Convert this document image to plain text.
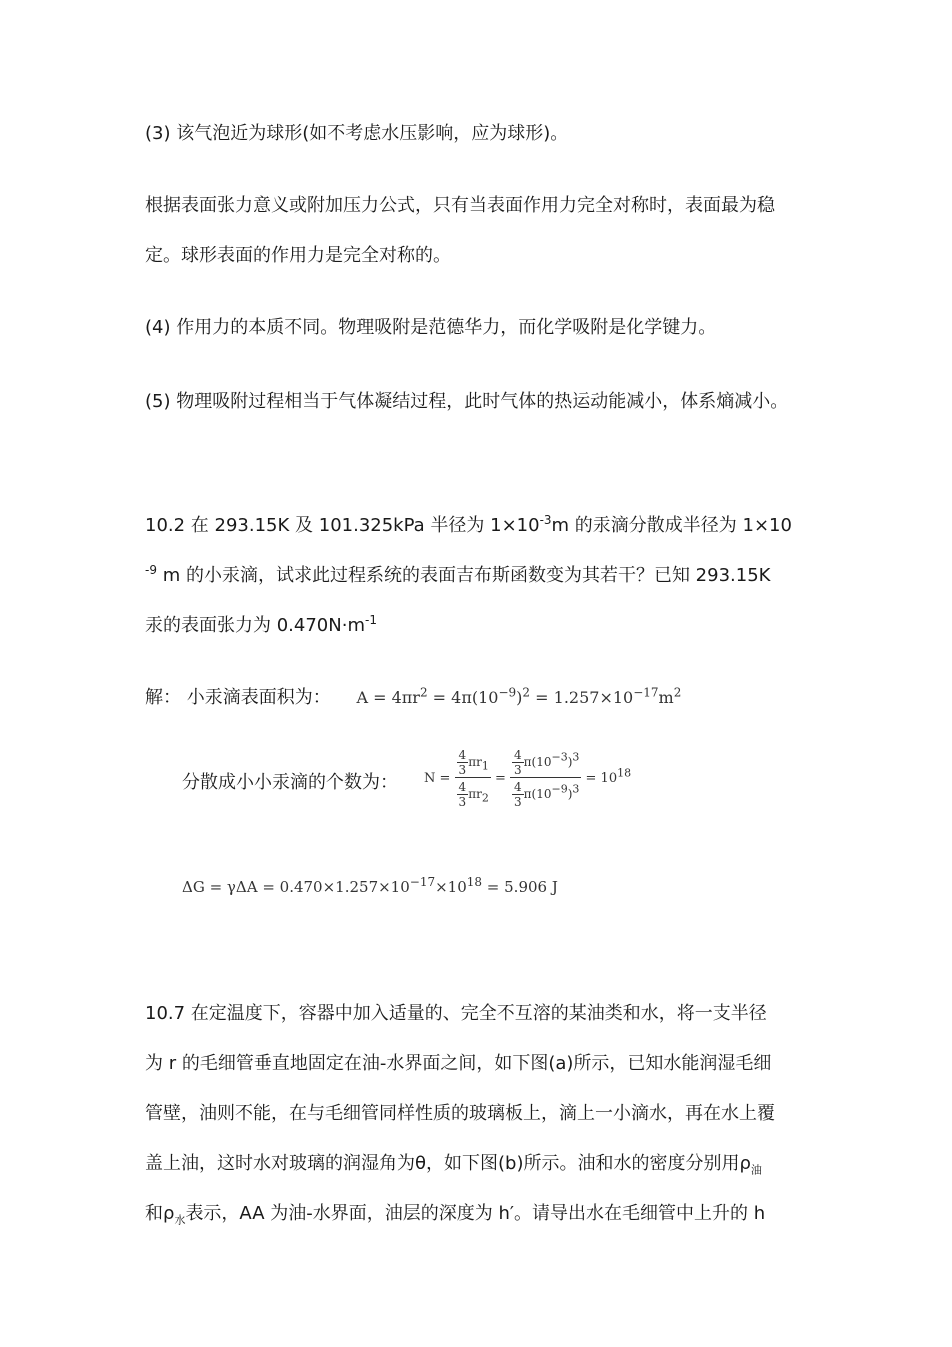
(3) 该气泡近为球形(如不考虑水压影响，应为球形)。
根据表面张力意义或附加压力公式，只有当表面作用力完全对称时，表面最为稳
定。球形表面的作用力是完全对称的。
(4) 作用力的本质不同。物理吸附是范德华力，而化学吸附是化学键力。
(5) 物理吸附过程相当于气体凝结过程，此时气体的热运动能减小，体系熵减小。
10.2 在 293.15K 及 101.325kPa 半径为 $1\times 10^{-3}m$ 的汞滴分散成半径为 1×10
$^{-9}$ m 的小汞滴，试求此过程系统的表面吉布斯函数变为其若干？已知 293.15K
汞的表面张力为 $0.470N\cdot m^{-1}$
解： 小汞滴表面积为： $A = 4\pi r^2 = 4\pi(10^{-9})^2 = 1.257\times 10^{-17}m^2$
分散成小小汞滴的个数为： $N = \frac{\frac{4}{3} \pi r_1}{\frac{4}{3} \pi r_2} = \frac{\frac{4}{3} \pi(10^{-3})^3}{\frac{4}{3} \pi(10^{-9})^3} = 10^{18}$
$\Delta G = \gamma\Delta A = 0.470\times 1.257\times 10^{-17}\times 10^{18} = 5.906$ J
10.7 在定温度下，容器中加入适量的、完全不互溶的某油类和水，将一支半径
为 r 的毛细管垂直地固定在油-水界面之间，如下图(a)所示，已知水能润湿毛细
管壁，油则不能，在与毛细管同样性质的玻璃板上，滴上一小滴水，再在水上覆
盖上油，这时水对玻璃的润湿角为θ，如下图(b)所示。油和水的密度分别用$\rho_油$
和$\rho_水$表示，AA 为油-水界面，油层的深度为 h′。请导出水在毛细管中上升的 h
